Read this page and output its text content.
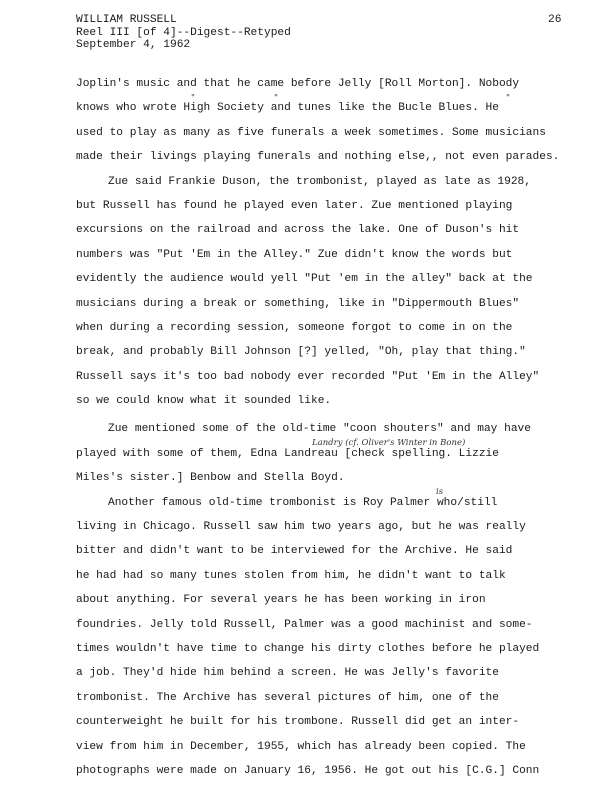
WILLIAM RUSSELL
Reel III [of 4]--Digest--Retyped
September 4, 1962
26
Joplin's music and that he came before Jelly [Roll Morton]. Nobody
knows who wrote High Society and tunes like the Bucle Blues. He
"	"	"
used to play as many as five funerals a week sometimes. Some musicians
made their livings playing funerals and nothing else,, not even parades.
Zue said Frankie Duson, the trombonist, played as late as 1928,
but Russell has found he played even later. Zue mentioned playing
excursions on the railroad and across the lake. One of Duson's hit
numbers was "Put 'Em in the Alley." Zue didn't know the words but
evidently the audience would yell "Put 'em in the alley" back at the
musicians during a break or something, like in "Dippermouth Blues"
when during a recording session, someone forgot to come in on the
break, and probably Bill Johnson [?] yelled, "Oh, play that thing."
Russell says it's too bad nobody ever recorded "Put 'Em in the Alley"
so we could know what it sounded like.
Zue mentioned some of the old-time "coon shouters" and may have
played with some of them, Edna Landreau [check spelling. Lizzie
Landry (cf. Oliver's Winter in Bone)
Miles's sister.] Benbow and Stella Boyd.
Another famous old-time trombonist is Roy Palmer who/still
is
living in Chicago. Russell saw him two years ago, but he was really
bitter and didn't want to be interviewed for the Archive. He said
he had had so many tunes stolen from him, he didn't want to talk
about anything. For several years he has been working in iron
foundries. Jelly told Russell, Palmer was a good machinist and some-
times wouldn't have time to change his dirty clothes before he played
a job. They'd hide him behind a screen. He was Jelly's favorite
trombonist. The Archive has several pictures of him, one of the
counterweight he built for his trombone. Russell did get an inter-
view from him in December, 1955, which has already been copied. The
photographs were made on January 16, 1956. He got out his [C.G.] Conn
